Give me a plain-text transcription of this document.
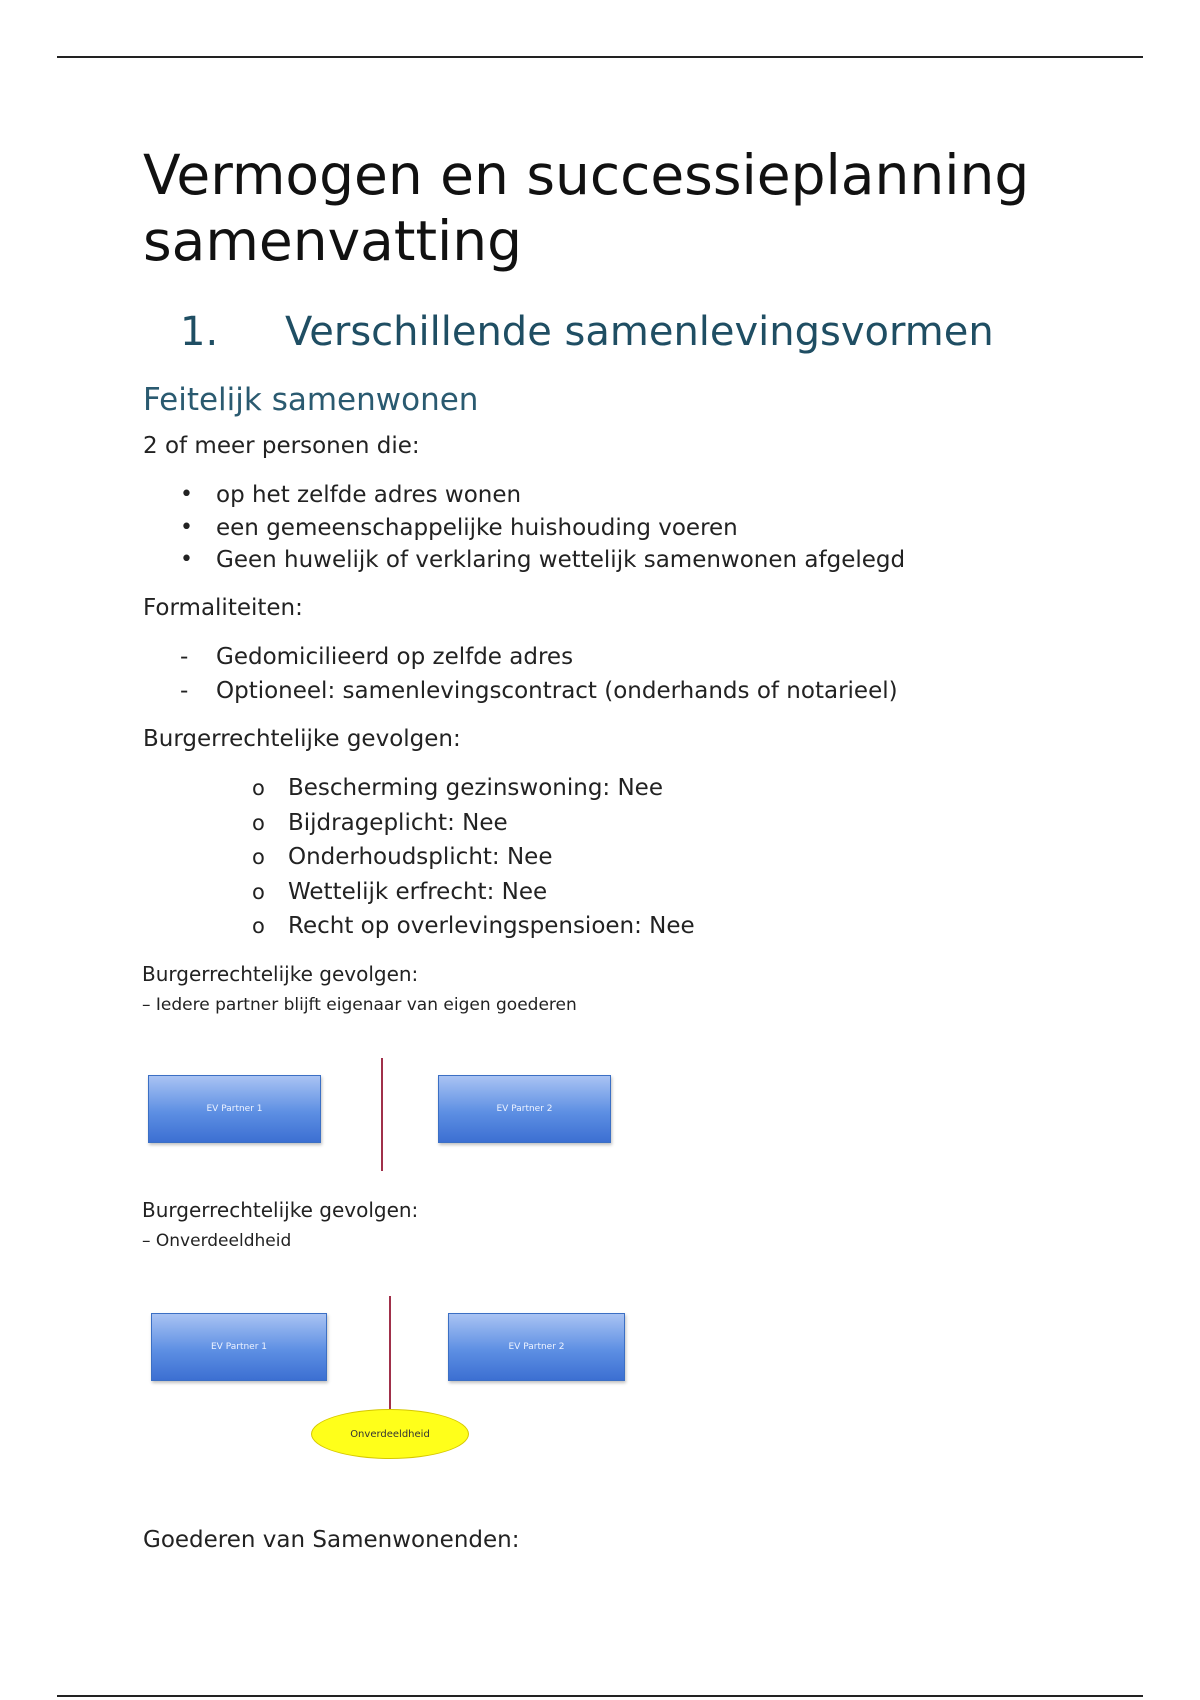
Vermogen en successieplanning
samenvatting
1. Verschillende samenlevingsvormen
Feitelijk samenwonen

2 of meer personen die:

•	op het zelfde adres wonen
•	een gemeenschappelijke huishouding voeren
•	Geen huwelijk of verklaring wettelijk samenwonen afgelegd

Formaliteiten:

-	Gedomicilieerd op zelfde adres
-	Optioneel: samenlevingscontract (onderhands of notarieel)

Burgerrechtelijke gevolgen:

o	Bescherming gezinswoning: Nee
o	Bijdrageplicht: Nee
o	Onderhoudsplicht: Nee
o	Wettelijk erfrecht: Nee
o	Recht op overlevingspensioen: Nee

Burgerrechtelijke gevolgen:

– Iedere partner blijft eigenaar van eigen goederen

EV Partner 1	EV Partner 2

Burgerrechtelijke gevolgen:

– Onverdeeldheid

EV Partner 1	EV Partner 2
Onverdeeldheid

Goederen van Samenwonenden:
